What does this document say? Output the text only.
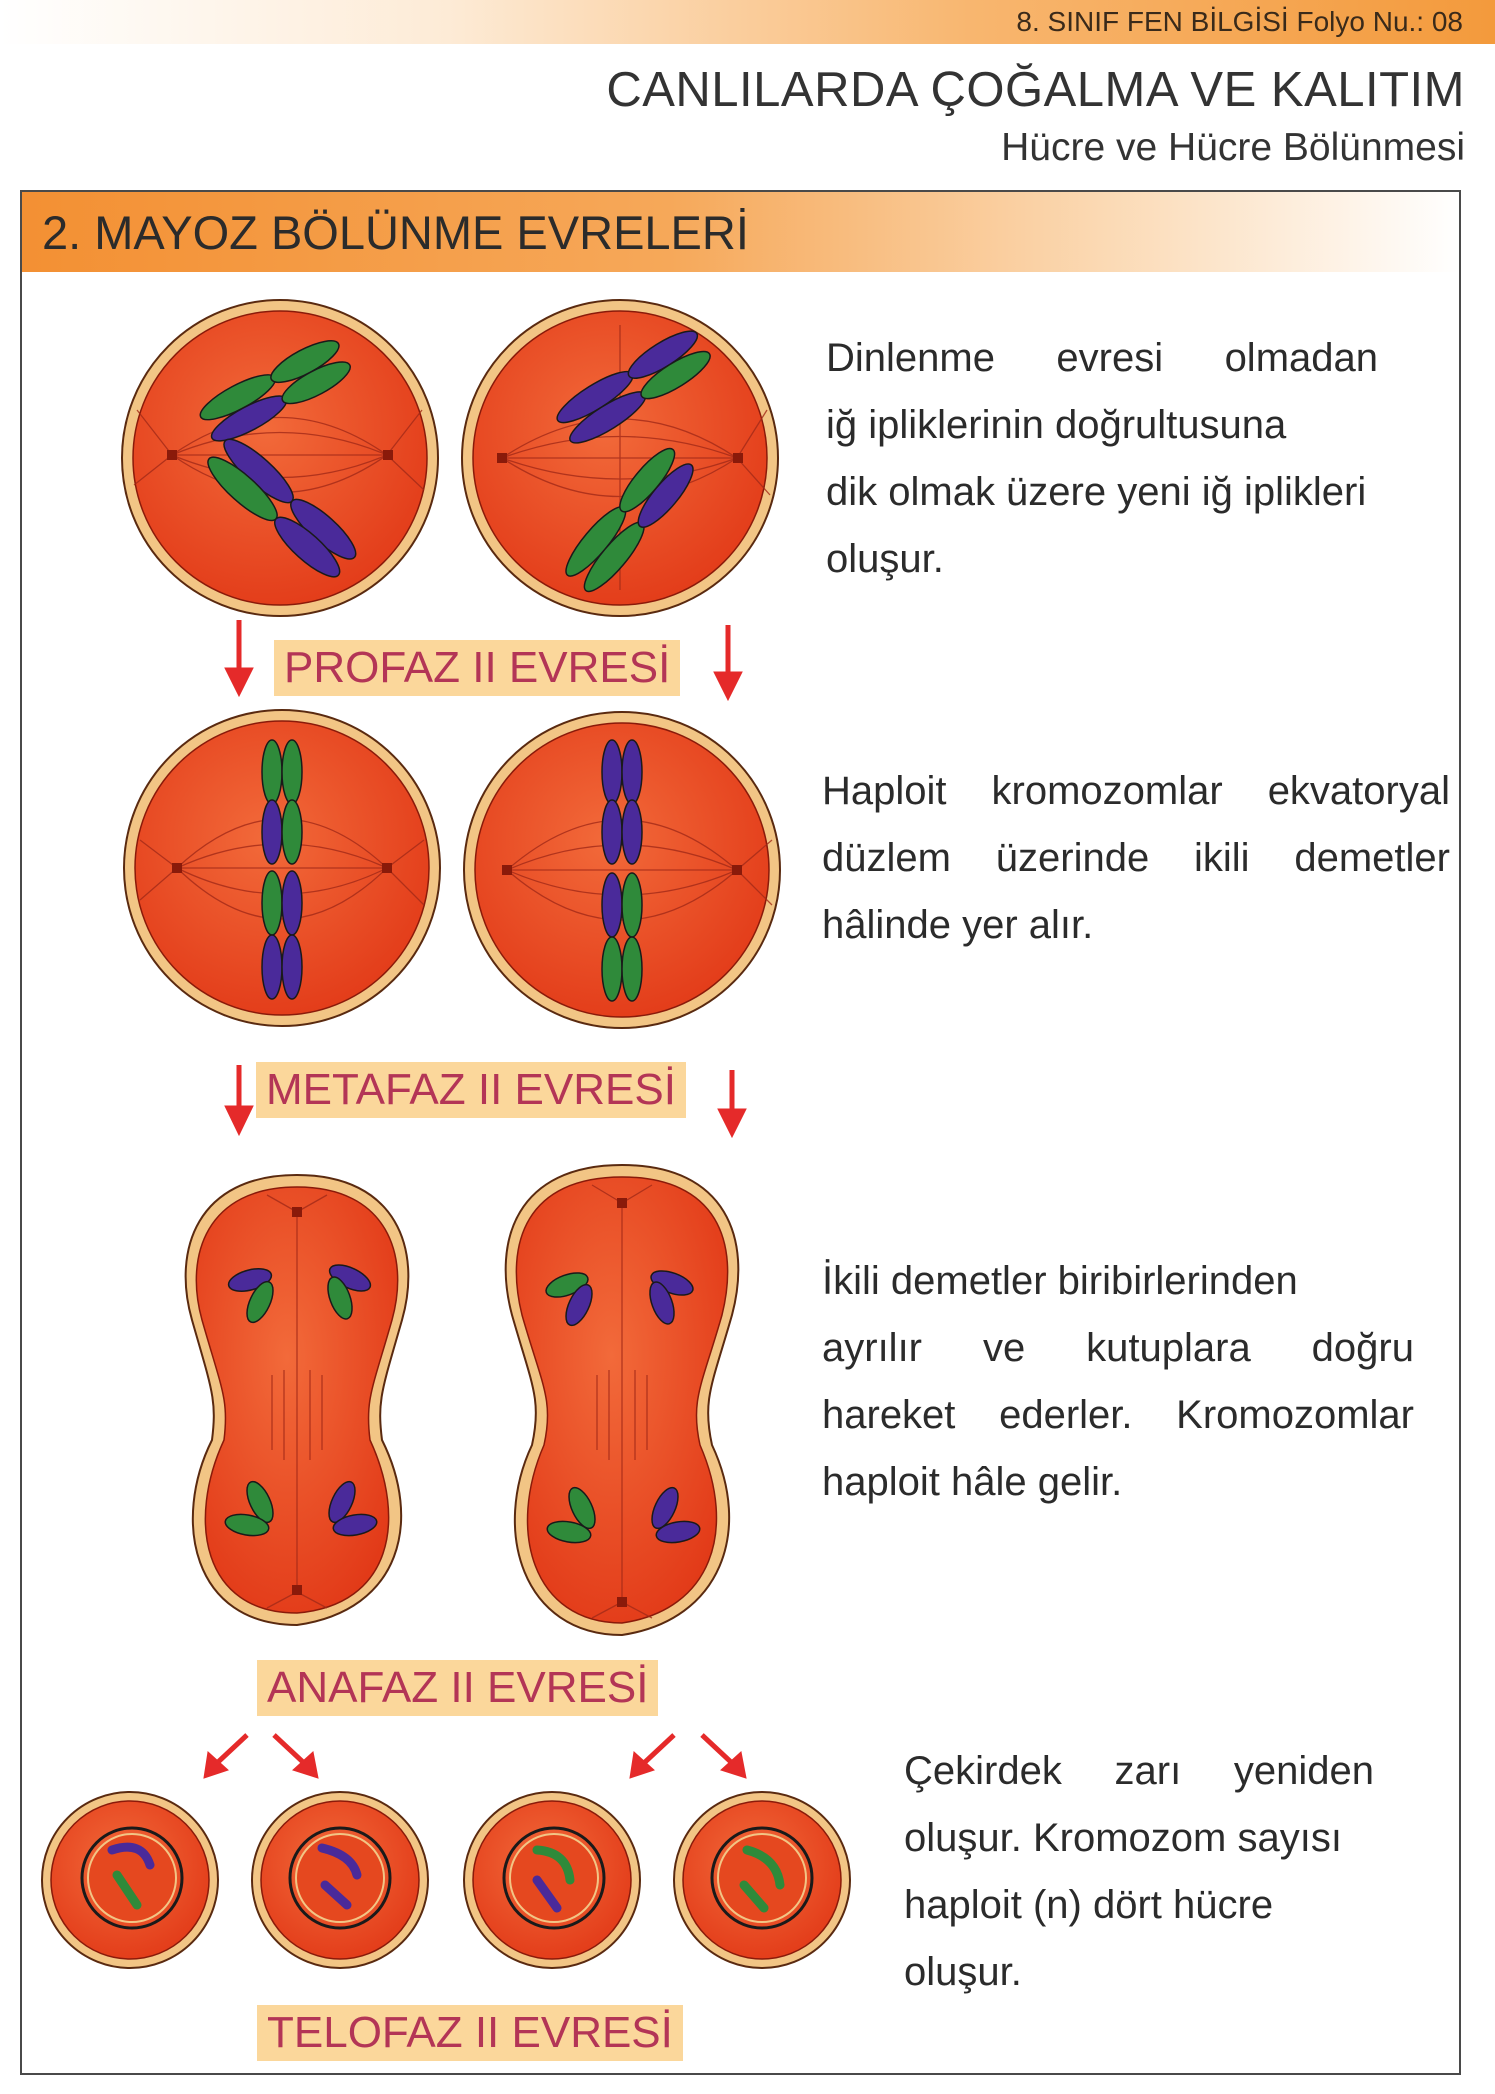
8. SINIF FEN BİLGİSİ Folyo Nu.: 08
CANLILARDA ÇOĞALMA VE KALITIM
Hücre ve Hücre Bölünmesi
2. MAYOZ BÖLÜNME EVRELERİ
PROFAZ II EVRESİ
METAFAZ II EVRESİ
ANAFAZ II EVRESİ
TELOFAZ II EVRESİ
Dinlenme evresi olmadan
iğ ipliklerinin doğrultusuna
dik olmak üzere yeni iğ iplikleri
oluşur.
Haploit kromozomlar ekvatoryal
düzlem üzerinde ikili demetler
hâlinde yer alır.
İkili demetler biribirlerinden
ayrılır ve kutuplara doğru
hareket ederler. Kromozomlar
haploit hâle gelir.
Çekirdek zarı yeniden
oluşur. Kromozom sayısı
haploit (n) dört hücre
oluşur.
